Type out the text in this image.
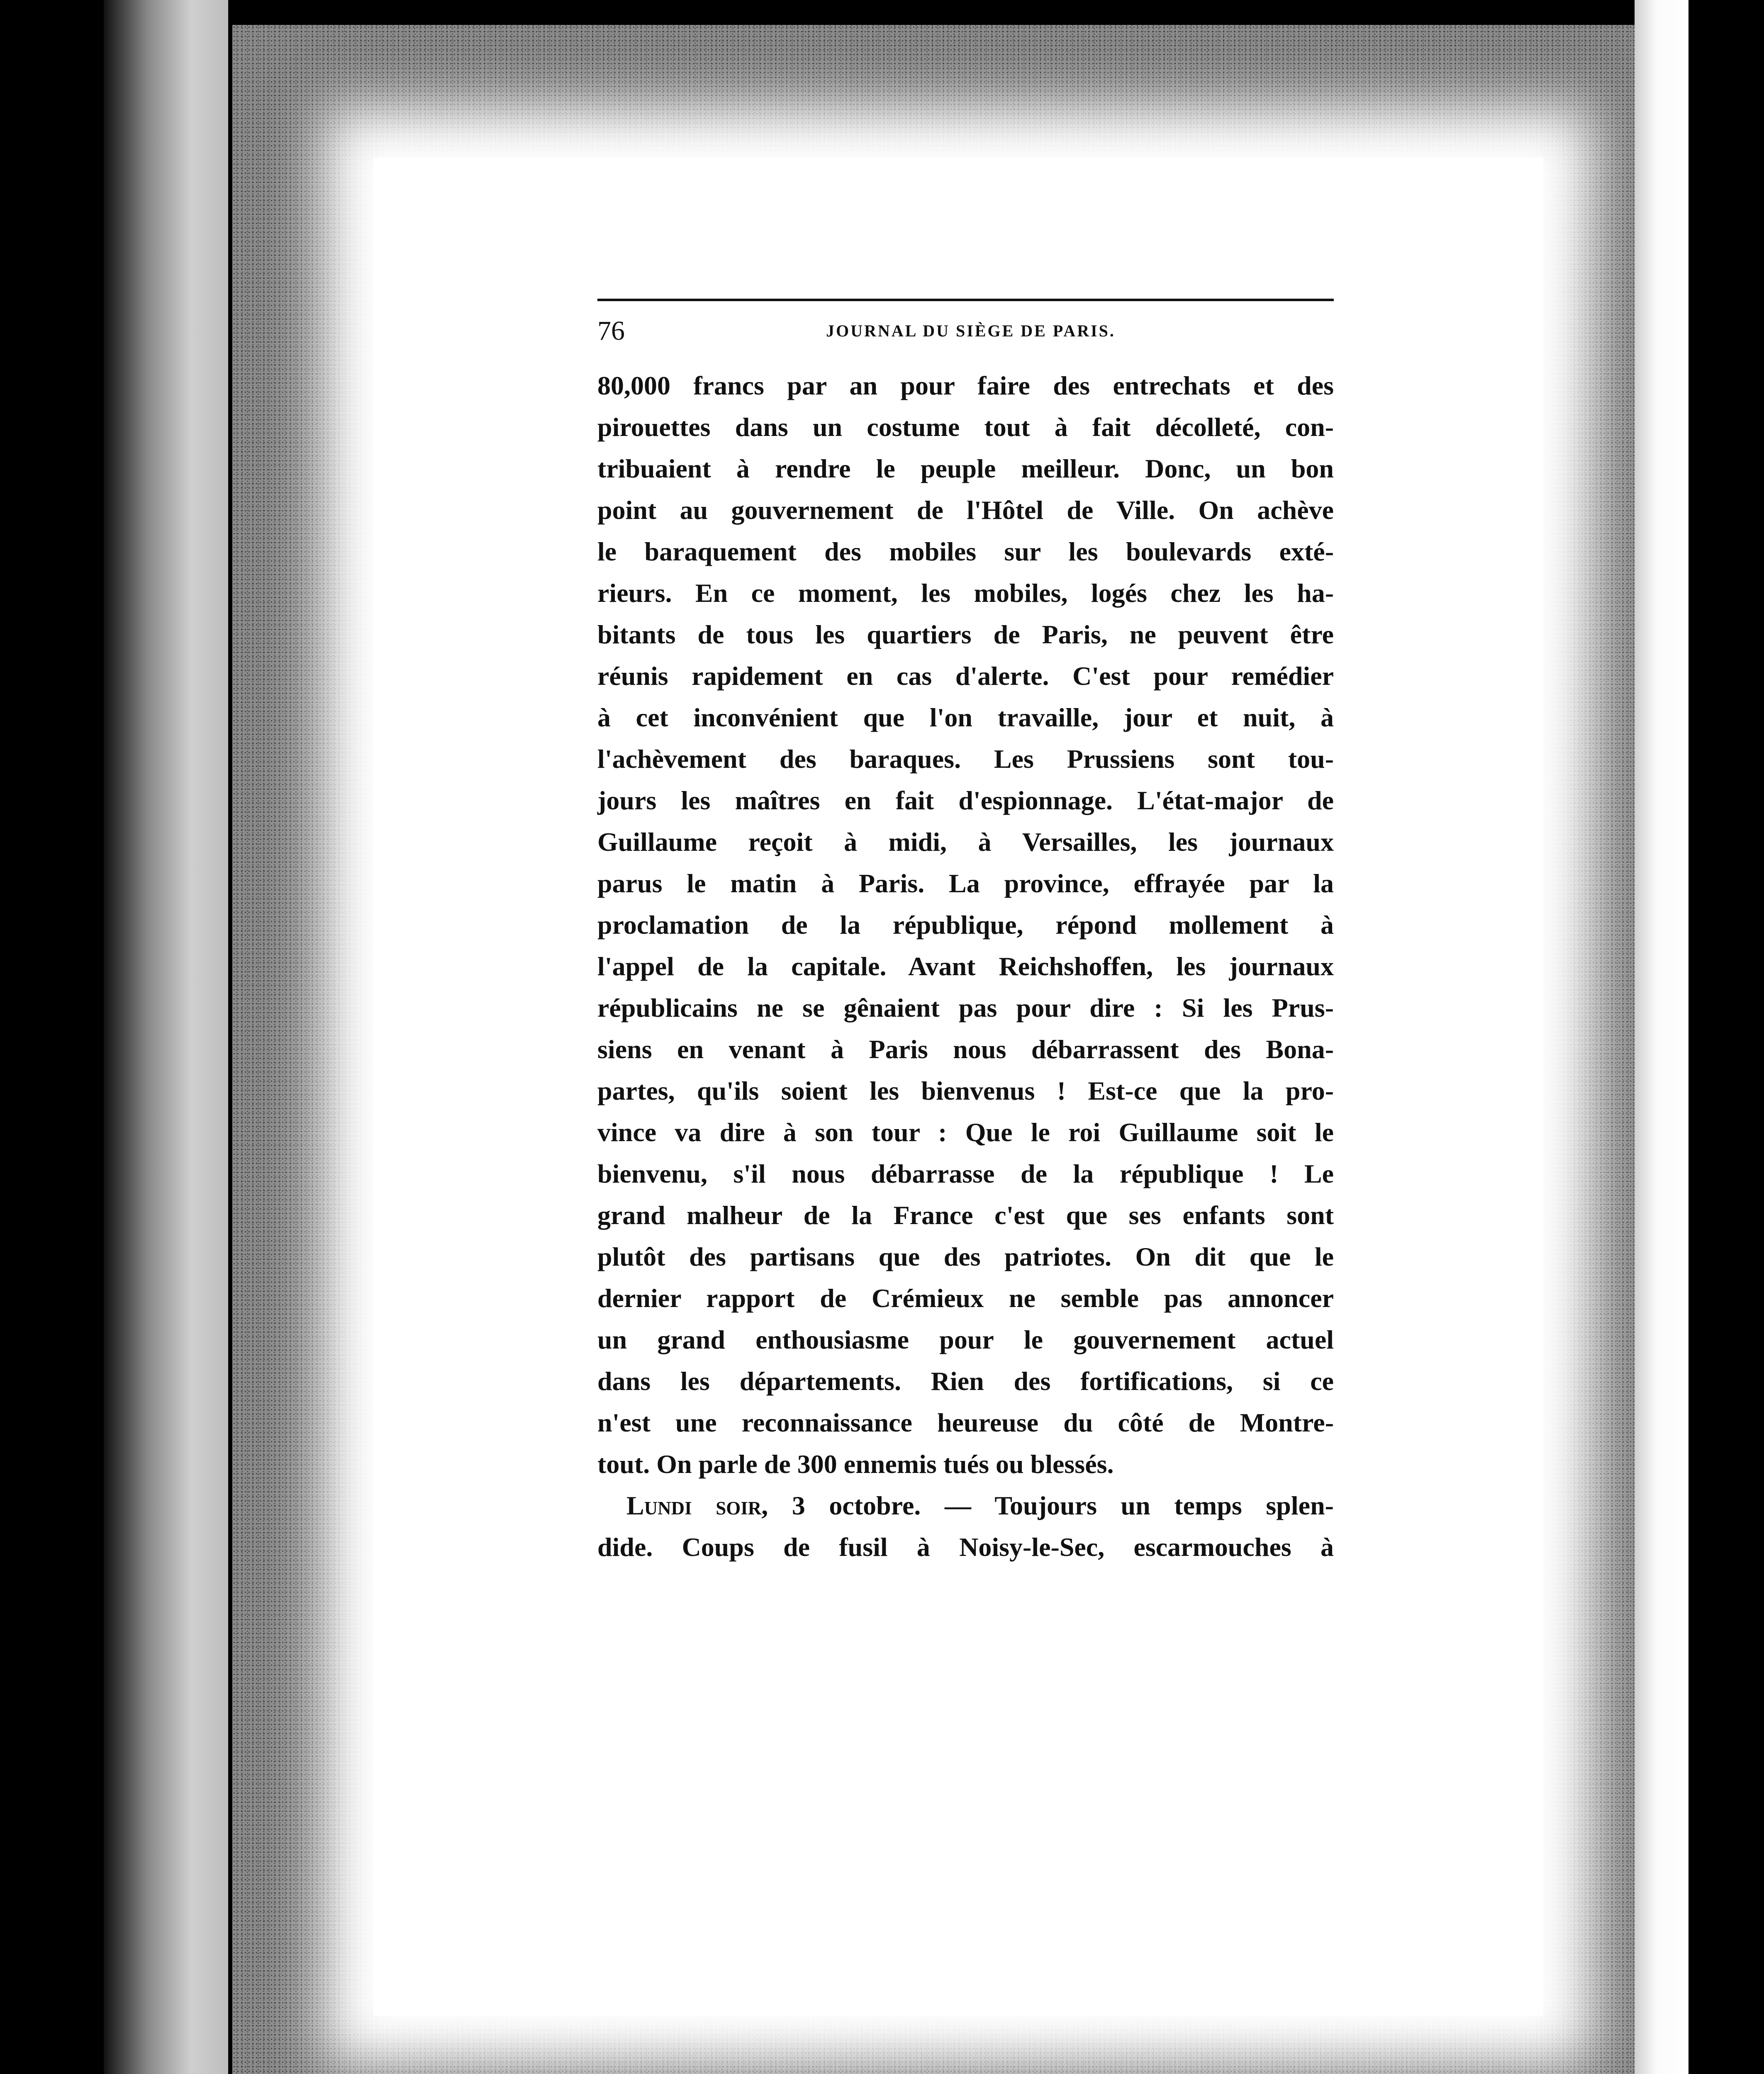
76	JOURNAL DU SIÈGE DE PARIS.
80,000 francs par an pour faire des entrechats et des
pirouettes dans un costume tout à fait décolleté, con-
tribuaient à rendre le peuple meilleur. Donc, un bon
point au gouvernement de l'Hôtel de Ville. On achève
le baraquement des mobiles sur les boulevards exté-
rieurs. En ce moment, les mobiles, logés chez les ha-
bitants de tous les quartiers de Paris, ne peuvent être
réunis rapidement en cas d'alerte. C'est pour remédier
à cet inconvénient que l'on travaille, jour et nuit, à
l'achèvement des baraques. Les Prussiens sont tou-
jours les maîtres en fait d'espionnage. L'état-major de
Guillaume reçoit à midi, à Versailles, les journaux
parus le matin à Paris. La province, effrayée par la
proclamation de la république, répond mollement à
l'appel de la capitale. Avant Reichshoffen, les journaux
républicains ne se gênaient pas pour dire : Si les Prus-
siens en venant à Paris nous débarrassent des Bona-
partes, qu'ils soient les bienvenus ! Est-ce que la pro-
vince va dire à son tour : Que le roi Guillaume soit le
bienvenu, s'il nous débarrasse de la république ! Le
grand malheur de la France c'est que ses enfants sont
plutôt des partisans que des patriotes. On dit que le
dernier rapport de Crémieux ne semble pas annoncer
un grand enthousiasme pour le gouvernement actuel
dans les départements. Rien des fortifications, si ce
n'est une reconnaissance heureuse du côté de Montre-
tout. On parle de 300 ennemis tués ou blessés.
Lundi soir, 3 octobre. — Toujours un temps splen-
dide. Coups de fusil à Noisy-le-Sec, escarmouches à
